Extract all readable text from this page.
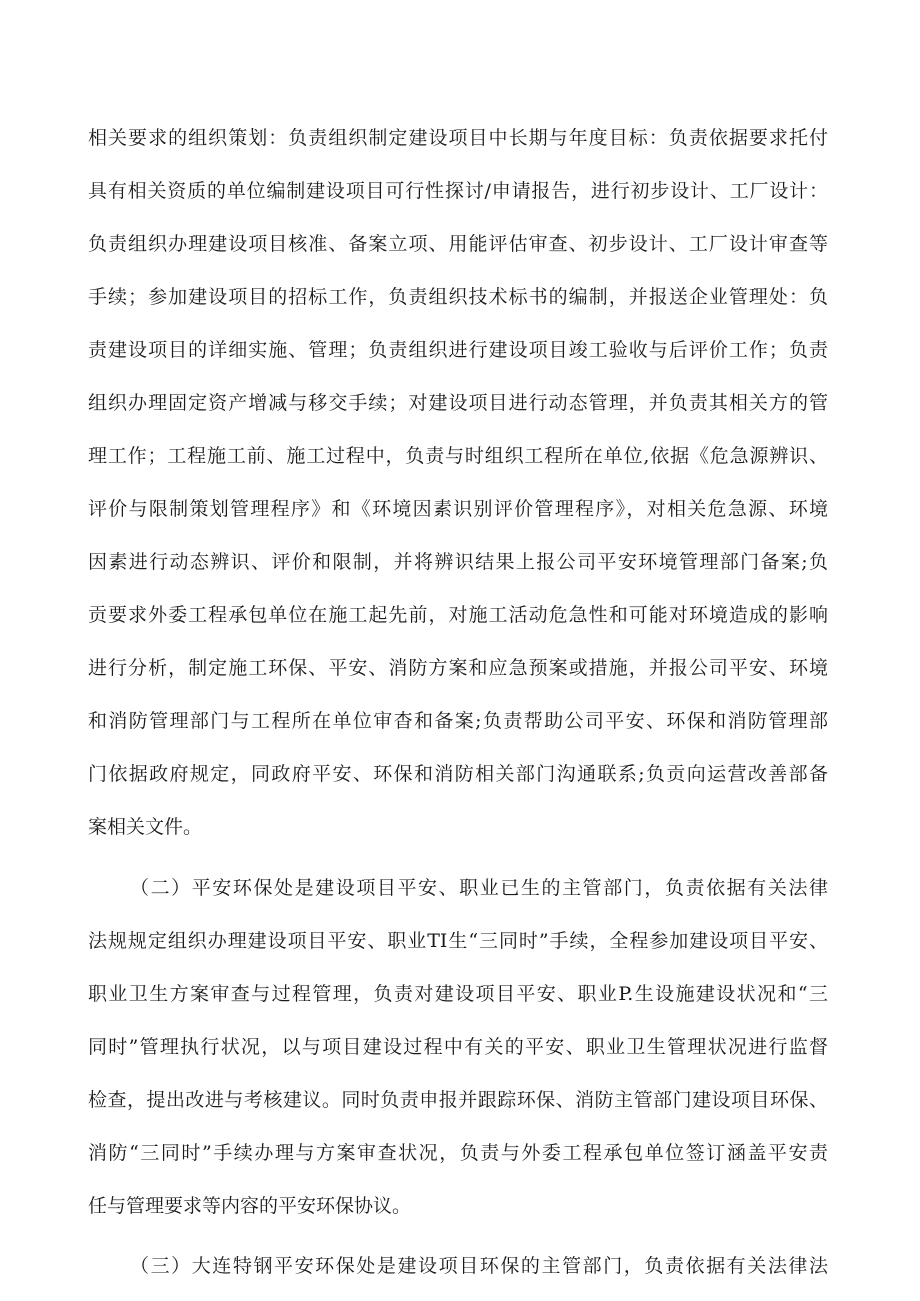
相关要求的组织策划：负责组织制定建设项目中长期与年度目标：负责依据要求托付
具有相关资质的单位编制建设项目可行性探讨/申请报告，进行初步设计、工厂设计：
负责组织办理建设项目核准、备案立项、用能评估审查、初步设计、工厂设计审查等
手续；参加建设项目的招标工作，负责组织技术标书的编制，并报送企业管理处：负
责建设项目的详细实施、管理；负责组织进行建设项目竣工验收与后评价工作；负责
组织办理固定资产增减与移交手续；对建设项目进行动态管理，并负责其相关方的管
理工作；工程施工前、施工过程中，负责与时组织工程所在单位,依据《危急源辨识、
评价与限制策划管理程序》和《环境因素识别评价管理程序》，对相关危急源、环境
因素进行动态辨识、评价和限制，并将辨识结果上报公司平安环境管理部门备案;负
贡要求外委工程承包单位在施工起先前，对施工活动危急性和可能对环境造成的影响
进行分析，制定施工环保、平安、消防方案和应急预案或措施，并报公司平安、环境
和消防管理部门与工程所在单位审杳和备案;负责帮助公司平安、环保和消防管理部
门依据政府规定，同政府平安、环保和消防相关部门沟通联系;负贡向运营改善部备
案相关文件。
（二）平安环保处是建设项目平安、职业已生的主管部门，负责依据有关法律
法规规定组织办理建设项目平安、职业TI生“三同时”手续，全程参加建设项目平安、
职业卫生方案审查与过程管理，负责对建设项目平安、职业P.生设施建设状况和“三
同时”管理执行状况，以与项目建设过程中有关的平安、职业卫生管理状况进行监督
检查，提出改进与考核建议。同时负责申报并跟踪环保、消防主管部门建设项目环保、
消防“三同时”手续办理与方案审查状况，负责与外委工程承包单位签订涵盖平安责
任与管理要求等内容的平安环保协议。
（三）大连特钢平安环保处是建设项目环保的主管部门，负责依据有关法律法
